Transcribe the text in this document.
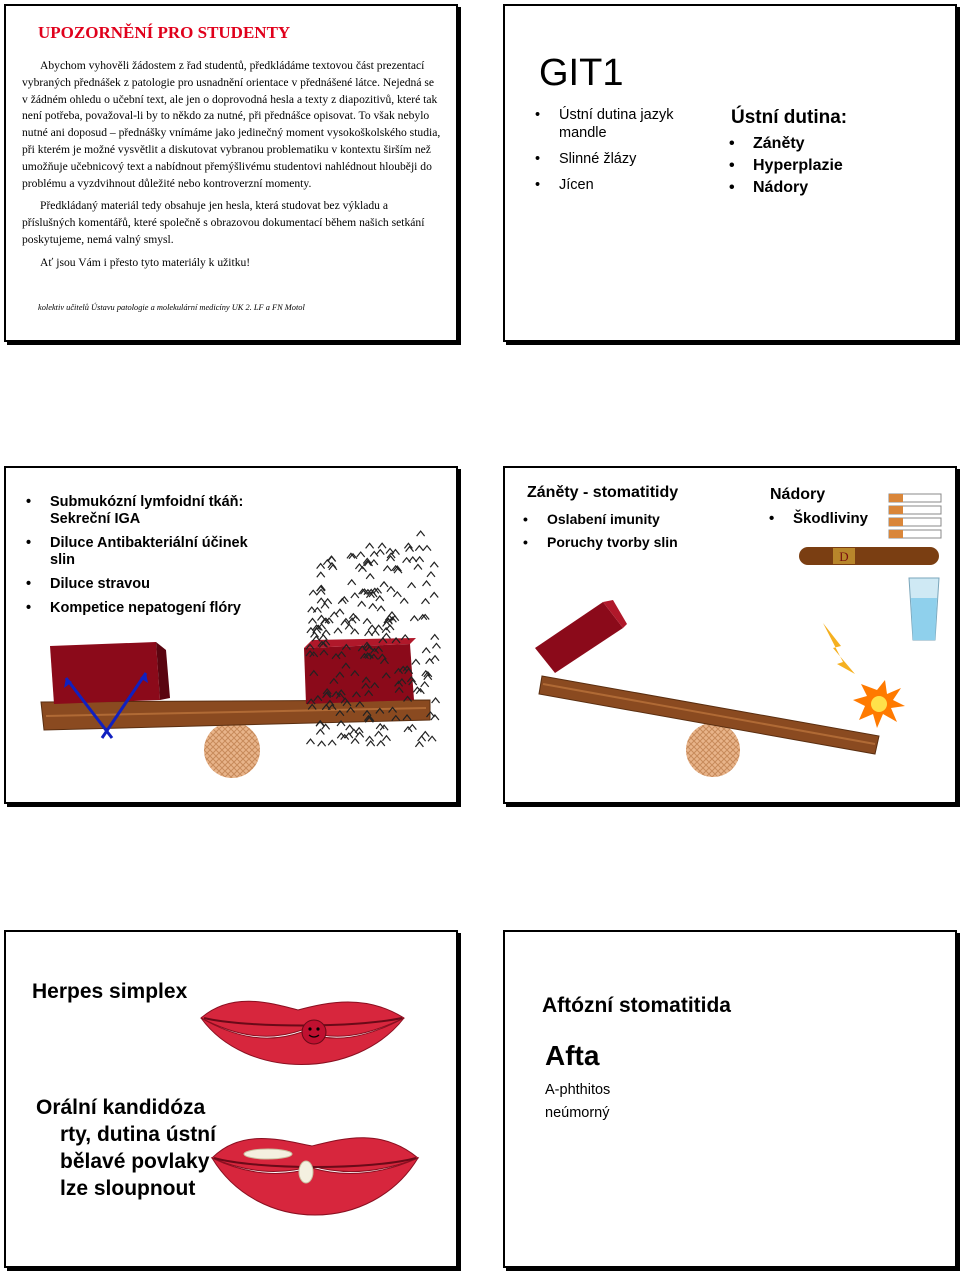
UPOZORNĚNÍ PRO STUDENTY

Abychom vyhověli žádostem z řad studentů, předkládáme textovou část prezentací vybraných přednášek z patologie pro usnadnění orientace v přednášené látce. Nejedná se v žádném ohledu o učební text, ale jen o doprovodná hesla a texty z diapozitivů, které tak není potřeba, považoval-li by to někdo za nutné, při přednášce opisovat. To však nebylo nutné ani doposud – přednášky vnímáme jako jedinečný moment vysokoškolského studia, při kterém je možné vysvětlit a diskutovat vybranou problematiku v kontextu širším než umožňuje učebnicový text a nabídnout přemýšlivému studentovi nahlédnout hlouběji do problému a vyzdvihnout důležité nebo kontroverzní momenty.

Předkládaný materiál tedy obsahuje jen hesla, která studovat bez výkladu a příslušných komentářů, které společně s obrazovou dokumentací během našich setkání poskytujeme, nemá valný smysl.

Ať jsou Vám i přesto tyto materiály k užitku!

kolektiv učitelů Ústavu patologie a molekulární medicíny UK 2. LF a FN Motol
GIT1
• Ústní dutina jazyk mandle
• Slinné žlázy
• Jícen
Ústní dutina:
• Záněty
• Hyperplazie
• Nádory
• Submukózní lymfoidní tkáň: Sekreční IGA
• Diluce Antibakteriální účinek slin
• Diluce stravou
• Kompetice nepatogení flóry
Záněty - stomatitidy
• Oslabení imunity
• Poruchy tvorby slin
Nádory
• Škodliviny
D
Herpes simplex
Orální kandidóza
rty, dutina ústní
bělavé povlaky
lze sloupnout
Aftózní stomatitida
Afta
A-phthitos
neúmorný
